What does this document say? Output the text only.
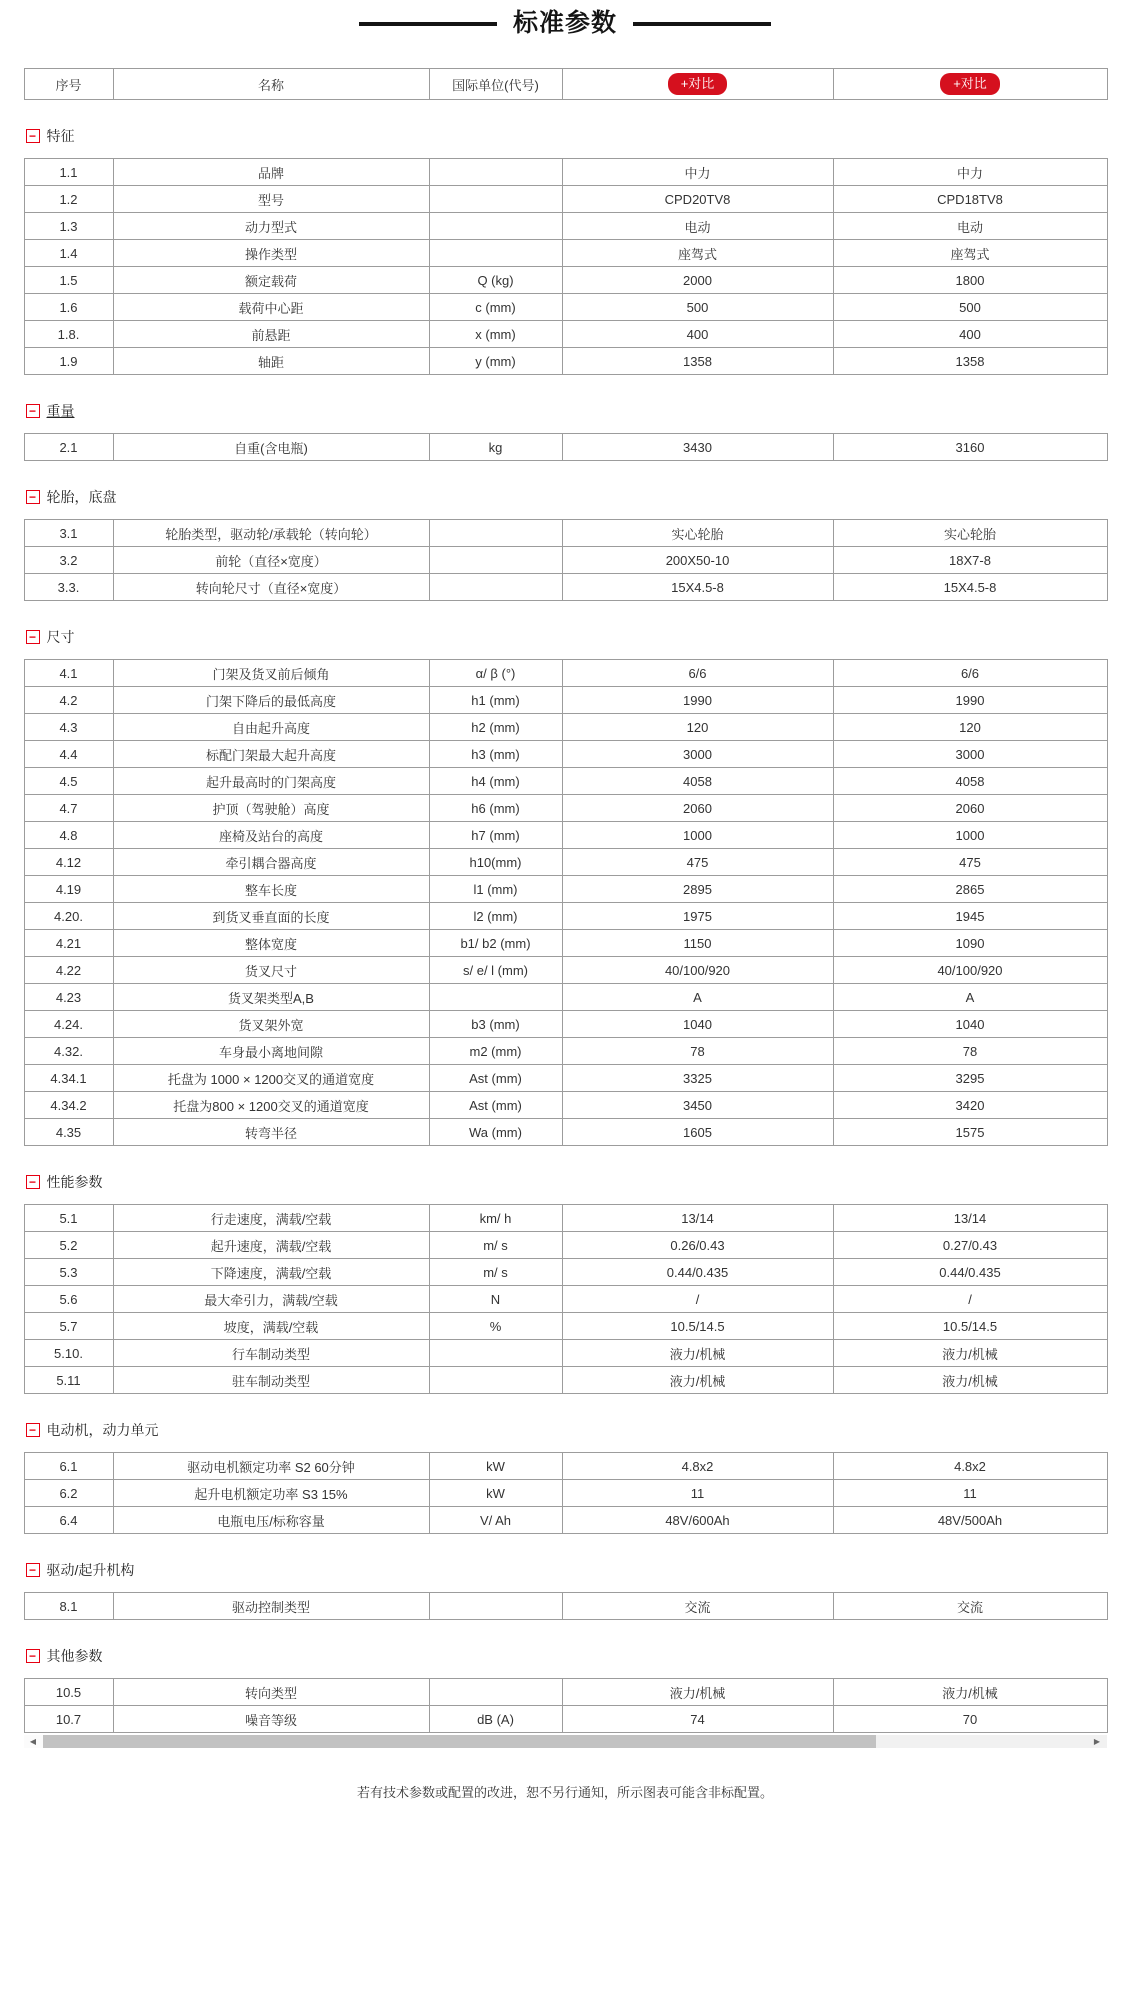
标准参数
序号	名称	国际单位(代号)	+对比	+对比
− 特征
1.1	品牌		中力	中力
1.2	型号		CPD20TV8	CPD18TV8
1.3	动力型式		电动	电动
1.4	操作类型		座驾式	座驾式
1.5	额定载荷	Q (kg)	2000	1800
1.6	载荷中心距	c (mm)	500	500
1.8.	前悬距	x (mm)	400	400
1.9	轴距	y (mm)	1358	1358
− 重量
2.1	自重(含电瓶)	kg	3430	3160
− 轮胎，底盘
3.1	轮胎类型，驱动轮/承载轮（转向轮）		实心轮胎	实心轮胎
3.2	前轮（直径×宽度）		200X50-10	18X7-8
3.3.	转向轮尺寸（直径×宽度）		15X4.5-8	15X4.5-8
− 尺寸
4.1	门架及货叉前后倾角	α/ β (°)	6/6	6/6
4.2	门架下降后的最低高度	h1 (mm)	1990	1990
4.3	自由起升高度	h2 (mm)	120	120
4.4	标配门架最大起升高度	h3 (mm)	3000	3000
4.5	起升最高时的门架高度	h4 (mm)	4058	4058
4.7	护顶（驾驶舱）高度	h6 (mm)	2060	2060
4.8	座椅及站台的高度	h7 (mm)	1000	1000
4.12	牵引耦合器高度	h10(mm)	475	475
4.19	整车长度	l1 (mm)	2895	2865
4.20.	到货叉垂直面的长度	l2 (mm)	1975	1945
4.21	整体宽度	b1/ b2 (mm)	1150	1090
4.22	货叉尺寸	s/ e/ l (mm)	40/100/920	40/100/920
4.23	货叉架类型A,B		A	A
4.24.	货叉架外宽	b3 (mm)	1040	1040
4.32.	车身最小离地间隙	m2 (mm)	78	78
4.34.1	托盘为 1000 × 1200交叉的通道宽度	Ast (mm)	3325	3295
4.34.2	托盘为800 × 1200交叉的通道宽度	Ast (mm)	3450	3420
4.35	转弯半径	Wa (mm)	1605	1575
− 性能参数
5.1	行走速度，满载/空载	km/ h	13/14	13/14
5.2	起升速度，满载/空载	m/ s	0.26/0.43	0.27/0.43
5.3	下降速度，满载/空载	m/ s	0.44/0.435	0.44/0.435
5.6	最大牵引力，满载/空载	N	/	/
5.7	坡度，满载/空载	%	10.5/14.5	10.5/14.5
5.10.	行车制动类型		液力/机械	液力/机械
5.11	驻车制动类型		液力/机械	液力/机械
− 电动机，动力单元
6.1	驱动电机额定功率 S2 60分钟	kW	4.8x2	4.8x2
6.2	起升电机额定功率 S3 15%	kW	11	11
6.4	电瓶电压/标称容量	V/ Ah	48V/600Ah	48V/500Ah
− 驱动/起升机构
8.1	驱动控制类型		交流	交流
− 其他参数
10.5	转向类型		液力/机械	液力/机械
10.7	噪音等级	dB (A)	74	70
◀	▶
若有技术参数或配置的改进，恕不另行通知，所示图表可能含非标配置。
